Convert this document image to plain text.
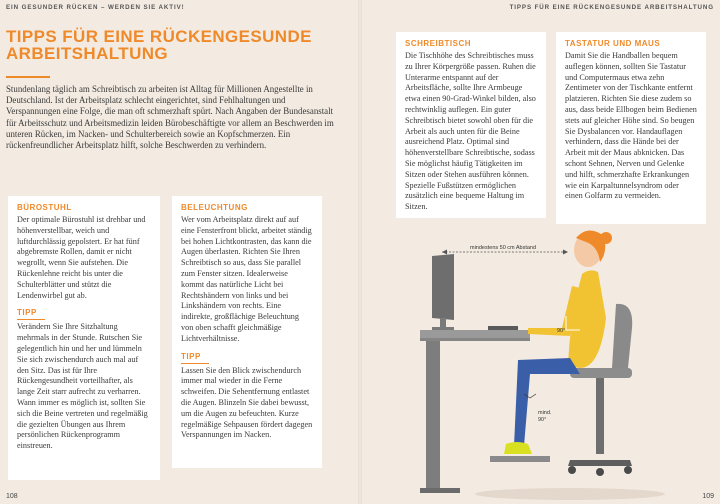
EIN GESUNDER RÜCKEN – WERDEN SIE AKTIV!	TIPPS FÜR EINE RÜCKENGESUNDE ARBEITSHALTUNG
TIPPS FÜR EINE RÜCKENGESUNDE
ARBEITSHALTUNG

Stundenlang täglich am Schreibtisch zu arbeiten ist Alltag für Millionen Angestellte in Deutschland. Ist der Arbeitsplatz schlecht eingerichtet, sind Fehlhaltungen und Verspannungen eine Folge, die man oft schmerzhaft spürt. Nach Angaben der Bundesanstalt für Arbeitsschutz und Arbeitsmedizin leiden Bürobeschäftigte vor allem an Beschwerden im unteren Rücken, im Nacken- und Schulterbereich sowie an Kopfschmerzen. Ein rückenfreundlicher Arbeitsplatz hilft, solche Beschwerden zu verhindern.

BÜROSTUHL

Der optimale Bürostuhl ist drehbar und höhenverstellbar, weich und luftdurchlässig gepolstert. Er hat fünf abgebremste Rollen, damit er nicht wegrollt, wenn Sie aufstehen. Die Rückenlehne reicht bis unter die Schulterblätter und stützt die Lendenwirbel gut ab.

TIPP

Verändern Sie Ihre Sitzhaltung mehrmals in der Stunde. Rutschen Sie gelegentlich hin und her und lümmeln Sie sich zwischendurch auch mal auf den Sitz. Das ist für Ihre Rückengesundheit vorteilhafter, als lange Zeit starr aufrecht zu verharren. Wann immer es möglich ist, sollten Sie sich die Beine vertreten und regelmäßig die gezielten Übungen aus Ihrem persönlichen Rückenprogramm einstreuen.

BELEUCHTUNG

Wer vom Arbeitsplatz direkt auf auf eine Fensterfront blickt, arbeitet ständig bei hohen Lichtkontrasten, das kann die Augen überlasten. Richten Sie Ihren Schreibtisch so aus, dass Sie parallel zum Fenster sitzen. Idealerweise kommt das natürliche Licht bei Rechtshändern von links und bei Linkshändern von rechts. Eine indirekte, großflächige Beleuchtung von oben schafft gleichmäßige Lichtverhältnisse.

TIPP

Lassen Sie den Blick zwischendurch immer mal wieder in die Ferne schweifen. Die Sehentfernung entlastet die Augen. Blinzeln Sie dabei bewusst, um die Augen zu befeuchten. Kurze regelmäßige Sehpausen fördert dagegen Verspannungen im Nacken.

SCHREIBTISCH

Die Tischhöhe des Schreibtisches muss zu Ihrer Körpergröße passen. Ruhen die Unterarme entspannt auf der Arbeitsfläche, sollte Ihre Armbeuge etwa einen 90-Grad-Winkel bilden, also rechtwinklig auflegen. Ein guter Schreibtisch bietet sowohl oben für die Arbeit als auch unten für die Beine ausreichend Platz. Optimal sind höhenverstellbare Schreibtische, sodass Sie möglichst häufig Tätigkeiten im Sitzen oder Stehen ausführen können. Spezielle Fußstützen ermöglichen zusätzlich eine bequeme Haltung im Sitzen.

TASTATUR UND MAUS

Damit Sie die Handballen bequem auflegen können, sollten Sie Tastatur und Computermaus etwa zehn Zentimeter von der Tischkante entfernt platzieren. Richten Sie diese zudem so aus, dass beide Ellbogen beim Bedienen stets auf gleicher Höhe sind. So beugen Sie Dysbalancen vor. Handauflagen verhindern, dass die Hände bei der Arbeit mit der Maus abknicken. Das schont Sehnen, Nerven und Gelenke und hilft, schmerzhafte Erkrankungen wie ein Karpaltunnelsyndrom oder einen Golfarm zu vermeiden.

mindestens 50 cm Abstand
90°
mind.
90°
108	109
